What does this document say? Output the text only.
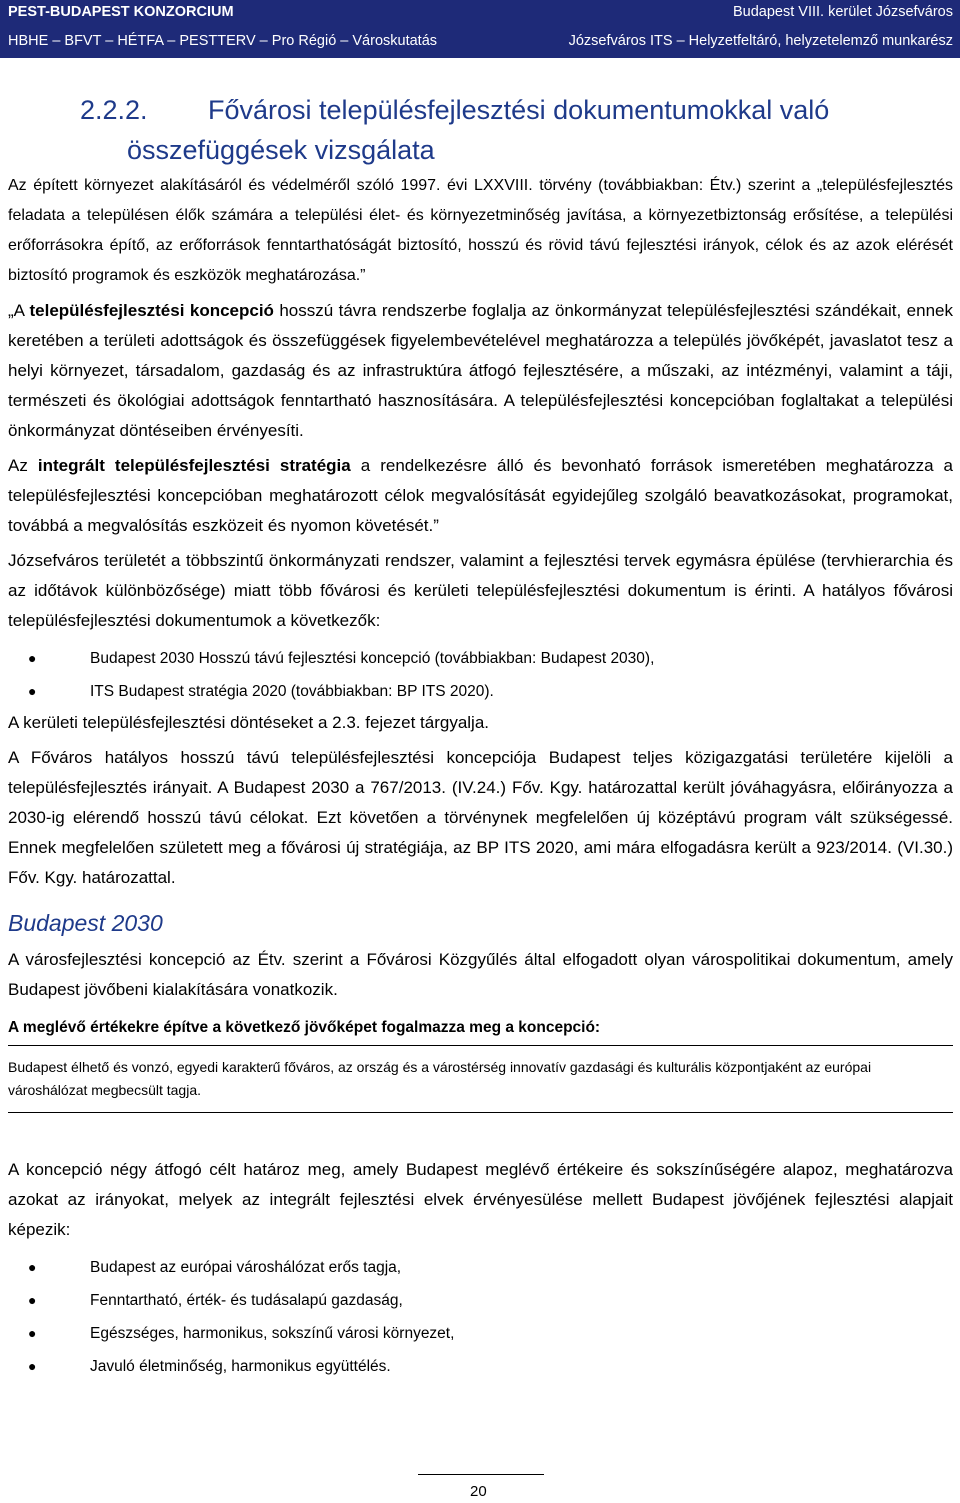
PEST-BUDAPEST KONZORCIUM	Budapest VIII. kerület Józsefváros
HBHE – BFVT – HÉTFA – PESTTERV – Pro Régió – Városkutatás	Józsefváros ITS – Helyzetfeltáró, helyzetelemző munkarész
2.2.2. Fővárosi településfejlesztési dokumentumokkal való
összefüggések vizsgálata

Az épített környezet alakításáról és védelméről szóló 1997. évi LXXVIII. törvény (továbbiakban: Étv.) szerint a „településfejlesztés feladata a településen élők számára a települési élet- és környezetminőség javítása, a környezetbiztonság erősítése, a települési erőforrásokra építő, az erőforrások fenntarthatóságát biztosító, hosszú és rövid távú fejlesztési irányok, célok és az azok elérését biztosító programok és eszközök meghatározása.”

„A településfejlesztési koncepció hosszú távra rendszerbe foglalja az önkormányzat településfejlesztési szándékait, ennek keretében a területi adottságok és összefüggések figyelembevételével meghatározza a település jövőképét, javaslatot tesz a helyi környezet, társadalom, gazdaság és az infrastruktúra átfogó fejlesztésére, a műszaki, az intézményi, valamint a táji, természeti és ökológiai adottságok fenntartható hasznosítására. A településfejlesztési koncepcióban foglaltakat a települési önkormányzat döntéseiben érvényesíti.

Az integrált településfejlesztési stratégia a rendelkezésre álló és bevonható források ismeretében meghatározza a településfejlesztési koncepcióban meghatározott célok megvalósítását egyidejűleg szolgáló beavatkozásokat, programokat, továbbá a megvalósítás eszközeit és nyomon követését.”

Józsefváros területét a többszintű önkormányzati rendszer, valamint a fejlesztési tervek egymásra épülése (tervhierarchia és az időtávok különbözősége) miatt több fővárosi és kerületi településfejlesztési dokumentum is érinti. A hatályos fővárosi településfejlesztési dokumentumok a következők:

● Budapest 2030 Hosszú távú fejlesztési koncepció (továbbiakban: Budapest 2030),
● ITS Budapest stratégia 2020 (továbbiakban: BP ITS 2020).

A kerületi településfejlesztési döntéseket a 2.3. fejezet tárgyalja.

A Főváros hatályos hosszú távú településfejlesztési koncepciója Budapest teljes közigazgatási területére kijelöli a településfejlesztés irányait. A Budapest 2030 a 767/2013. (IV.24.) Főv. Kgy. határozattal került jóváhagyásra, előirányozza a 2030-ig elérendő hosszú távú célokat. Ezt követően a törvénynek megfelelően új középtávú program vált szükségessé. Ennek megfelelően született meg a fővárosi új stratégiája, az BP ITS 2020, ami mára elfogadásra került a 923/2014. (VI.30.) Főv. Kgy. határozattal.

Budapest 2030

A városfejlesztési koncepció az Étv. szerint a Fővárosi Közgyűlés által elfogadott olyan várospolitikai dokumentum, amely Budapest jövőbeni kialakítására vonatkozik.

A meglévő értékekre építve a következő jövőképet fogalmazza meg a koncepció:
Budapest élhető és vonzó, egyedi karakterű főváros, az ország és a várostérség innovatív gazdasági és kulturális központjaként az európai városhálózat megbecsült tagja.

A koncepció négy átfogó célt határoz meg, amely Budapest meglévő értékeire és sokszínűségére alapoz, meghatározva azokat az irányokat, melyek az integrált fejlesztési elvek érvényesülése mellett Budapest jövőjének fejlesztési alapjait képezik:

● Budapest az európai városhálózat erős tagja,
● Fenntartható, érték- és tudásalapú gazdaság,
● Egészséges, harmonikus, sokszínű városi környezet,
● Javuló életminőség, harmonikus együttélés.
20
